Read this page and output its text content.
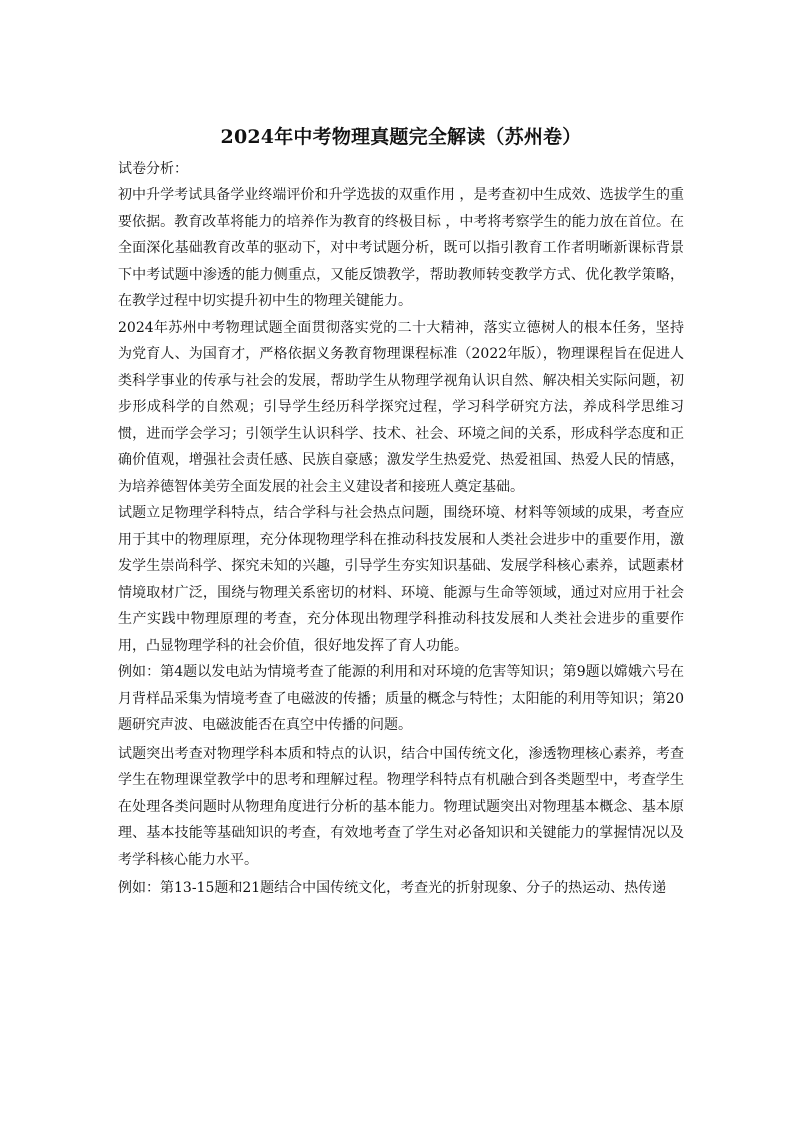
2024年中考物理真题完全解读（苏州卷）

试卷分析：

初中升学考试具备学业终端评价和升学选拔的双重作用 ，是考查初中生成效、选拔学生的重要依据。教育改革将能力的培养作为教育的终极目标 ，中考将考察学生的能力放在首位。在全面深化基础教育改革的驱动下，对中考试题分析，既可以指引教育工作者明晰新课标背景下中考试题中渗透的能力侧重点，又能反馈教学，帮助教师转变教学方式、优化教学策略，在教学过程中切实提升初中生的物理关键能力。

2024年苏州中考物理试题全面贯彻落实党的二十大精神，落实立德树人的根本任务，坚持为党育人、为国育才，严格依据义务教育物理课程标准（2022年版），物理课程旨在促进人类科学事业的传承与社会的发展，帮助学生从物理学视角认识自然、解决相关实际问题，初步形成科学的自然观；引导学生经历科学探究过程，学习科学研究方法，养成科学思维习惯，进而学会学习；引领学生认识科学、技术、社会、环境之间的关系，形成科学态度和正确价值观，增强社会责任感、民族自豪感；激发学生热爱党、热爱祖国、热爱人民的情感，为培养德智体美劳全面发展的社会主义建设者和接班人奠定基础。

试题立足物理学科特点，结合学科与社会热点问题，围绕环境、材料等领域的成果，考查应用于其中的物理原理，充分体现物理学科在推动科技发展和人类社会进步中的重要作用，激发学生崇尚科学、探究未知的兴趣，引导学生夯实知识基础、发展学科核心素养，试题素材情境取材广泛，围绕与物理关系密切的材料、环境、能源与生命等领域，通过对应用于社会生产实践中物理原理的考查，充分体现出物理学科推动科技发展和人类社会进步的重要作用，凸显物理学科的社会价值，很好地发挥了育人功能。

例如：第4题以发电站为情境考查了能源的利用和对环境的危害等知识；第9题以嫦娥六号在月背样品采集为情境考查了电磁波的传播；质量的概念与特性；太阳能的利用等知识；第20题研究声波、电磁波能否在真空中传播的问题。

试题突出考查对物理学科本质和特点的认识，结合中国传统文化，渗透物理核心素养，考查学生在物理课堂教学中的思考和理解过程。物理学科特点有机融合到各类题型中，考查学生在处理各类问题时从物理角度进行分析的基本能力。物理试题突出对物理基本概念、基本原理、基本技能等基础知识的考查，有效地考查了学生对必备知识和关键能力的掌握情况以及考学科核心能力水平。

例如：第13-15题和21题结合中国传统文化，考查光的折射现象、分子的热运动、热传递
